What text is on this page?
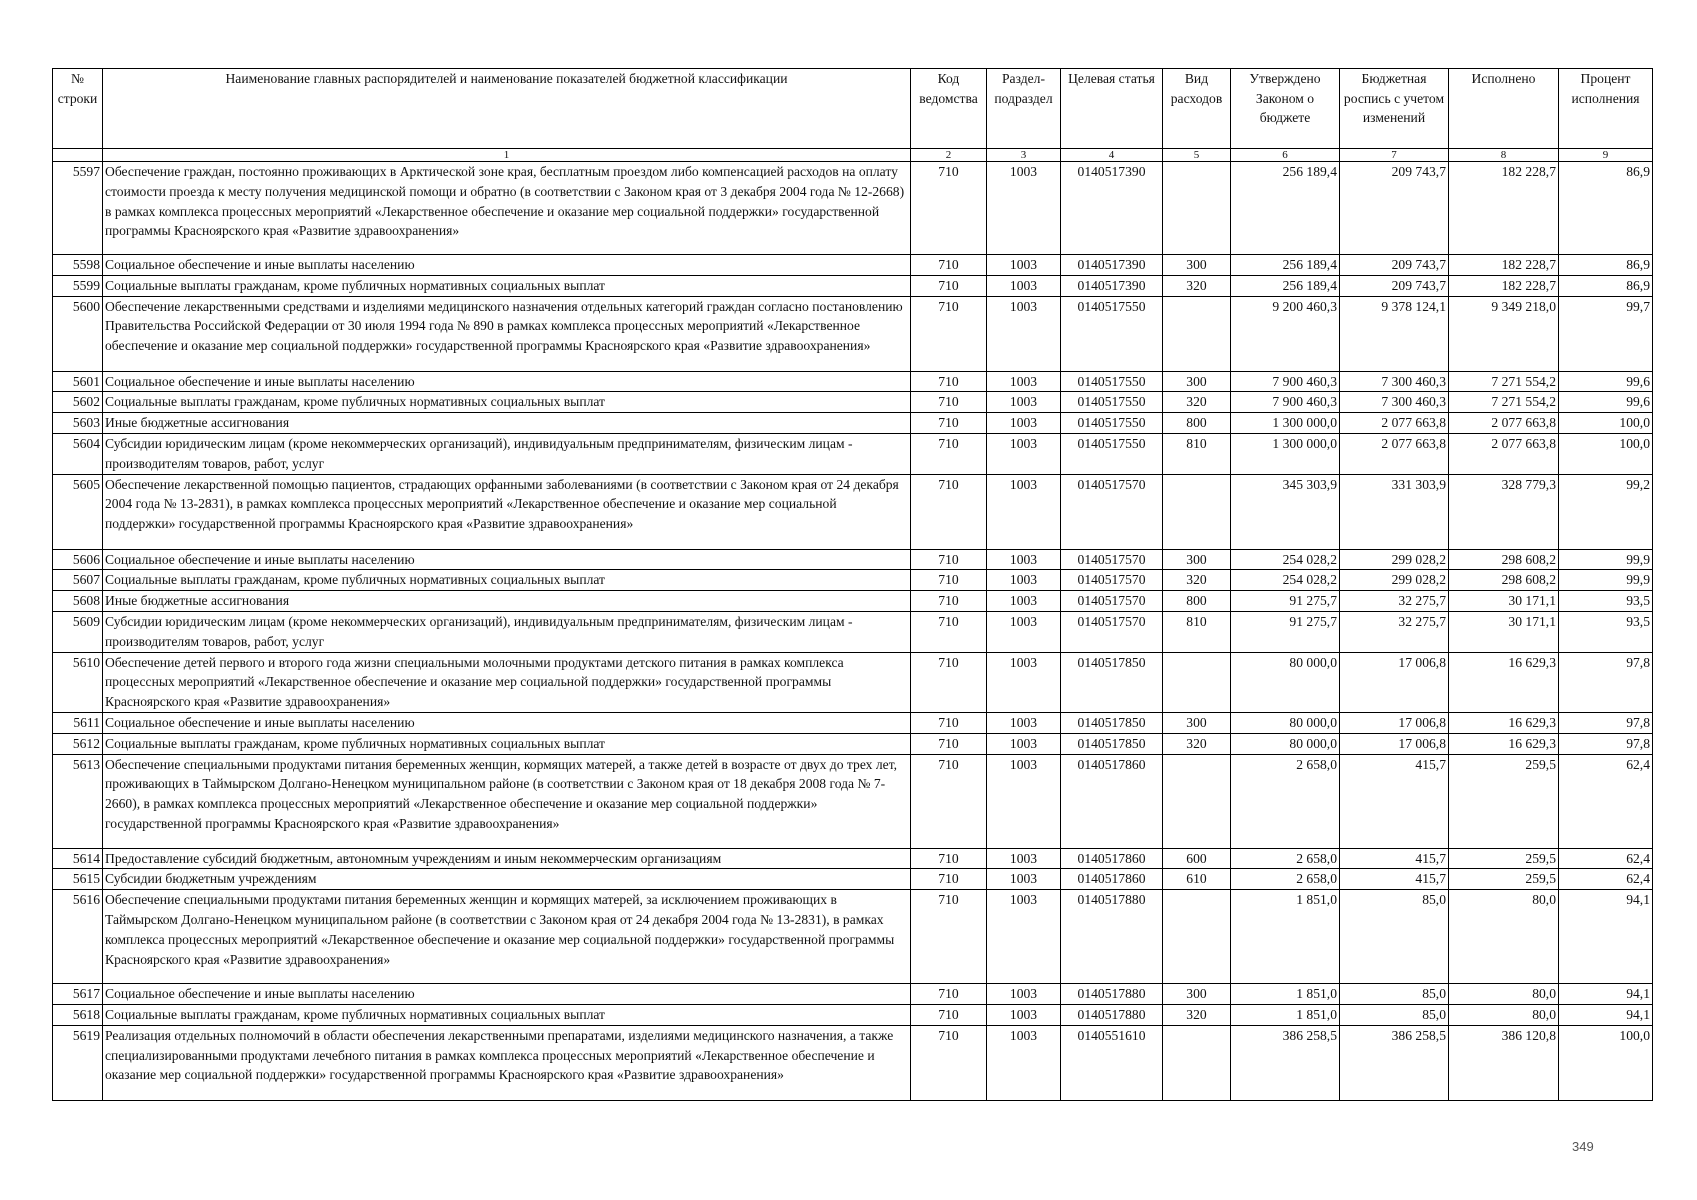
№ строки	Наименование главных распорядителей и наименование показателей бюджетной классификации	Код ведомства	Раздел-подраздел	Целевая статья	Вид расходов	Утверждено Законом о бюджете	Бюджетная роспись с учетом изменений	Исполнено	Процент исполнения
	1	2	3	4	5	6	7	8	9
5597	Обеспечение граждан, постоянно проживающих в Арктической зоне края, бесплатным проездом либо компенсацией расходов на оплату стоимости проезда к месту получения медицинской помощи и обратно (в соответствии с Законом края от 3 декабря 2004 года № 12-2668) в рамках комплекса процессных мероприятий «Лекарственное обеспечение и оказание мер социальной поддержки» государственной программы Красноярского края «Развитие здравоохранения»	710	1003	0140517390		256 189,4	209 743,7	182 228,7	86,9
5598	Социальное обеспечение и иные выплаты населению	710	1003	0140517390	300	256 189,4	209 743,7	182 228,7	86,9
5599	Социальные выплаты гражданам, кроме публичных нормативных социальных выплат	710	1003	0140517390	320	256 189,4	209 743,7	182 228,7	86,9
5600	Обеспечение лекарственными средствами и изделиями медицинского назначения отдельных категорий граждан согласно постановлению Правительства Российской Федерации от 30 июля 1994 года № 890 в рамках комплекса процессных мероприятий «Лекарственное обеспечение и оказание мер социальной поддержки» государственной программы Красноярского края «Развитие здравоохранения»	710	1003	0140517550		9 200 460,3	9 378 124,1	9 349 218,0	99,7
5601	Социальное обеспечение и иные выплаты населению	710	1003	0140517550	300	7 900 460,3	7 300 460,3	7 271 554,2	99,6
5602	Социальные выплаты гражданам, кроме публичных нормативных социальных выплат	710	1003	0140517550	320	7 900 460,3	7 300 460,3	7 271 554,2	99,6
5603	Иные бюджетные ассигнования	710	1003	0140517550	800	1 300 000,0	2 077 663,8	2 077 663,8	100,0
5604	Субсидии юридическим лицам (кроме некоммерческих организаций), индивидуальным предпринимателям, физическим лицам - производителям товаров, работ, услуг	710	1003	0140517550	810	1 300 000,0	2 077 663,8	2 077 663,8	100,0
5605	Обеспечение лекарственной помощью пациентов, страдающих орфанными заболеваниями (в соответствии с Законом края от 24 декабря 2004 года № 13-2831), в рамках комплекса процессных мероприятий «Лекарственное обеспечение и оказание мер социальной поддержки» государственной программы Красноярского края «Развитие здравоохранения»	710	1003	0140517570		345 303,9	331 303,9	328 779,3	99,2
5606	Социальное обеспечение и иные выплаты населению	710	1003	0140517570	300	254 028,2	299 028,2	298 608,2	99,9
5607	Социальные выплаты гражданам, кроме публичных нормативных социальных выплат	710	1003	0140517570	320	254 028,2	299 028,2	298 608,2	99,9
5608	Иные бюджетные ассигнования	710	1003	0140517570	800	91 275,7	32 275,7	30 171,1	93,5
5609	Субсидии юридическим лицам (кроме некоммерческих организаций), индивидуальным предпринимателям, физическим лицам - производителям товаров, работ, услуг	710	1003	0140517570	810	91 275,7	32 275,7	30 171,1	93,5
5610	Обеспечение детей первого и второго года жизни специальными молочными продуктами детского питания в рамках комплекса процессных мероприятий «Лекарственное обеспечение и оказание мер социальной поддержки» государственной программы Красноярского края «Развитие здравоохранения»	710	1003	0140517850		80 000,0	17 006,8	16 629,3	97,8
5611	Социальное обеспечение и иные выплаты населению	710	1003	0140517850	300	80 000,0	17 006,8	16 629,3	97,8
5612	Социальные выплаты гражданам, кроме публичных нормативных социальных выплат	710	1003	0140517850	320	80 000,0	17 006,8	16 629,3	97,8
5613	Обеспечение специальными продуктами питания беременных женщин, кормящих матерей, а также детей в возрасте от двух до трех лет, проживающих в Таймырском Долгано-Ненецком муниципальном районе (в соответствии с Законом края от 18 декабря 2008 года № 7-2660), в рамках комплекса процессных мероприятий «Лекарственное обеспечение и оказание мер социальной поддержки» государственной программы Красноярского края «Развитие здравоохранения»	710	1003	0140517860		2 658,0	415,7	259,5	62,4
5614	Предоставление субсидий бюджетным, автономным учреждениям и иным некоммерческим организациям	710	1003	0140517860	600	2 658,0	415,7	259,5	62,4
5615	Субсидии бюджетным учреждениям	710	1003	0140517860	610	2 658,0	415,7	259,5	62,4
5616	Обеспечение специальными продуктами питания беременных женщин и кормящих матерей, за исключением проживающих в Таймырском Долгано-Ненецком муниципальном районе (в соответствии с Законом края от 24 декабря 2004 года № 13-2831), в рамках комплекса процессных мероприятий «Лекарственное обеспечение и оказание мер социальной поддержки» государственной программы Красноярского края «Развитие здравоохранения»	710	1003	0140517880		1 851,0	85,0	80,0	94,1
5617	Социальное обеспечение и иные выплаты населению	710	1003	0140517880	300	1 851,0	85,0	80,0	94,1
5618	Социальные выплаты гражданам, кроме публичных нормативных социальных выплат	710	1003	0140517880	320	1 851,0	85,0	80,0	94,1
5619	Реализация отдельных полномочий в области обеспечения лекарственными препаратами, изделиями медицинского назначения, а также специализированными продуктами лечебного питания в рамках комплекса процессных мероприятий «Лекарственное обеспечение и оказание мер социальной поддержки» государственной программы Красноярского края «Развитие здравоохранения»	710	1003	0140551610		386 258,5	386 258,5	386 120,8	100,0
349
